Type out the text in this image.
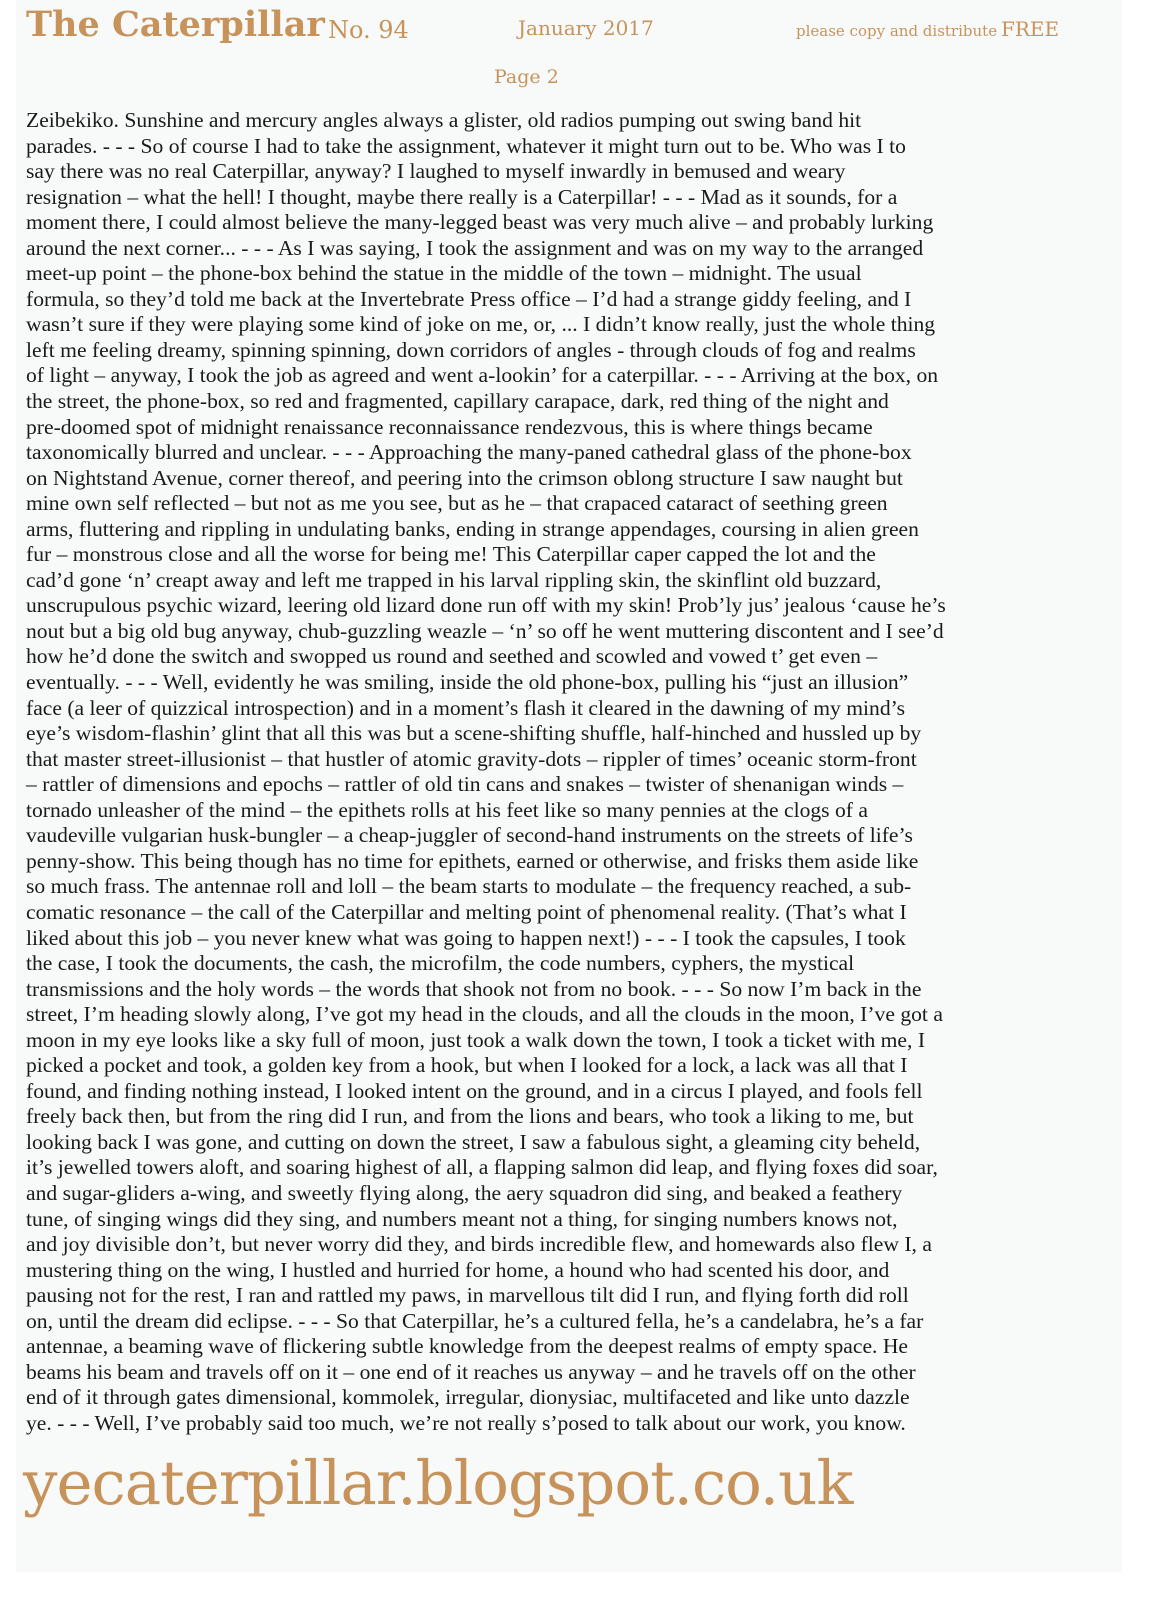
The Caterpillar No. 94	January 2017	please copy and distribute FREE
Page 2
Zeibekiko. Sunshine and mercury angles always a glister, old radios pumping out swing band hit
parades. - - - So of course I had to take the assignment, whatever it might turn out to be. Who was I to
say there was no real Caterpillar, anyway? I laughed to myself inwardly in bemused and weary
resignation – what the hell! I thought, maybe there really is a Caterpillar! - - - Mad as it sounds, for a
moment there, I could almost believe the many-legged beast was very much alive – and probably lurking
around the next corner... - - - As I was saying, I took the assignment and was on my way to the arranged
meet-up point – the phone-box behind the statue in the middle of the town – midnight. The usual
formula, so they’d told me back at the Invertebrate Press office – I’d had a strange giddy feeling, and I
wasn’t sure if they were playing some kind of joke on me, or, ... I didn’t know really, just the whole thing
left me feeling dreamy, spinning spinning, down corridors of angles - through clouds of fog and realms
of light – anyway, I took the job as agreed and went a-lookin’ for a caterpillar. - - - Arriving at the box, on
the street, the phone-box, so red and fragmented, capillary carapace, dark, red thing of the night and
pre-doomed spot of midnight renaissance reconnaissance rendezvous, this is where things became
taxonomically blurred and unclear. - - - Approaching the many-paned cathedral glass of the phone-box
on Nightstand Avenue, corner thereof, and peering into the crimson oblong structure I saw naught but
mine own self reflected – but not as me you see, but as he – that crapaced cataract of seething green
arms, fluttering and rippling in undulating banks, ending in strange appendages, coursing in alien green
fur – monstrous close and all the worse for being me! This Caterpillar caper capped the lot and the
cad’d gone ‘n’ creapt away and left me trapped in his larval rippling skin, the skinflint old buzzard,
unscrupulous psychic wizard, leering old lizard done run off with my skin! Prob’ly jus’ jealous ‘cause he’s
nout but a big old bug anyway, chub-guzzling weazle – ‘n’ so off he went muttering discontent and I see’d
how he’d done the switch and swopped us round and seethed and scowled and vowed t’ get even –
eventually. - - - Well, evidently he was smiling, inside the old phone-box, pulling his “just an illusion”
face (a leer of quizzical introspection) and in a moment’s flash it cleared in the dawning of my mind’s
eye’s wisdom-flashin’ glint that all this was but a scene-shifting shuffle, half-hinched and hussled up by
that master street-illusionist – that hustler of atomic gravity-dots – rippler of times’ oceanic storm-front
– rattler of dimensions and epochs – rattler of old tin cans and snakes – twister of shenanigan winds –
tornado unleasher of the mind – the epithets rolls at his feet like so many pennies at the clogs of a
vaudeville vulgarian husk-bungler – a cheap-juggler of second-hand instruments on the streets of life’s
penny-show. This being though has no time for epithets, earned or otherwise, and frisks them aside like
so much frass. The antennae roll and loll – the beam starts to modulate – the frequency reached, a sub-
comatic resonance – the call of the Caterpillar and melting point of phenomenal reality. (That’s what I
liked about this job – you never knew what was going to happen next!) - - - I took the capsules, I took
the case, I took the documents, the cash, the microfilm, the code numbers, cyphers, the mystical
transmissions and the holy words – the words that shook not from no book. - - - So now I’m back in the
street, I’m heading slowly along, I’ve got my head in the clouds, and all the clouds in the moon, I’ve got a
moon in my eye looks like a sky full of moon, just took a walk down the town, I took a ticket with me, I
picked a pocket and took, a golden key from a hook, but when I looked for a lock, a lack was all that I
found, and finding nothing instead, I looked intent on the ground, and in a circus I played, and fools fell
freely back then, but from the ring did I run, and from the lions and bears, who took a liking to me, but
looking back I was gone, and cutting on down the street, I saw a fabulous sight, a gleaming city beheld,
it’s jewelled towers aloft, and soaring highest of all, a flapping salmon did leap, and flying foxes did soar,
and sugar-gliders a-wing, and sweetly flying along, the aery squadron did sing, and beaked a feathery
tune, of singing wings did they sing, and numbers meant not a thing, for singing numbers knows not,
and joy divisible don’t, but never worry did they, and birds incredible flew, and homewards also flew I, a
mustering thing on the wing, I hustled and hurried for home, a hound who had scented his door, and
pausing not for the rest, I ran and rattled my paws, in marvellous tilt did I run, and flying forth did roll
on, until the dream did eclipse. - - - So that Caterpillar, he’s a cultured fella, he’s a candelabra, he’s a far
antennae, a beaming wave of flickering subtle knowledge from the deepest realms of empty space. He
beams his beam and travels off on it – one end of it reaches us anyway – and he travels off on the other
end of it through gates dimensional, kommolek, irregular, dionysiac, multifaceted and like unto dazzle
ye. - - - Well, I’ve probably said too much, we’re not really s’posed to talk about our work, you know.
yecaterpillar.blogspot.co.uk
